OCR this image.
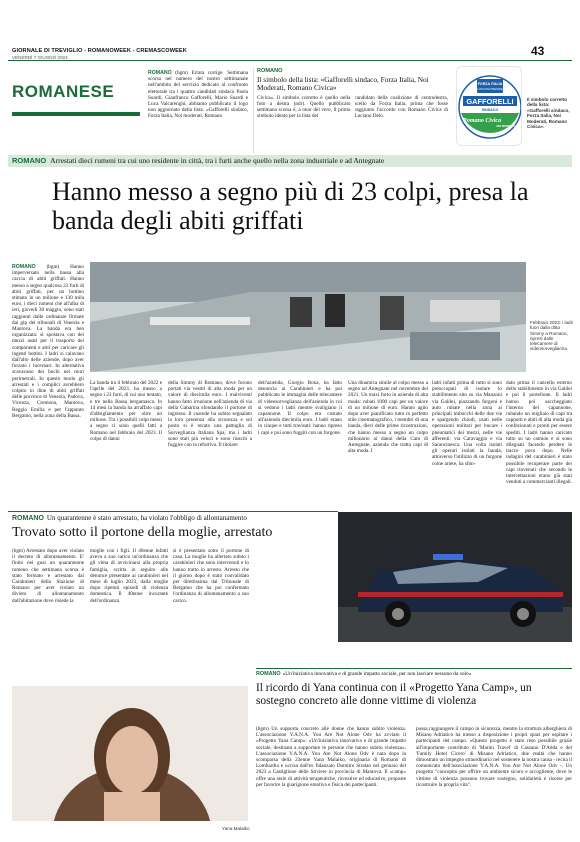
GIORNALE DI TREVIGLIO - ROMANOWEEK - CREMASCOWEEK
VENERDÌ 7 GIUGNO 2024	43
ROMANESE
ROMANO (bgm) Errata corrige. Settimana scorsa nel numero del nostro settimanale nell'ambito del servizio dedicato al confronto elettorale tra i quattro candidati sindaco Paola Suardi, Gianfranco Gafforelli, Mario Suardi e Luca Valcarenghi, abbiamo pubblicato il logo non aggiornato della lista: «Gafforelli sindaco, Forza Italia, Noi moderati, Romano
ROMANO
Il simbolo della lista: «Gafforelli sindaco, Forza Italia, Noi Moderati, Romano Civica»
Civica». Il simbolo corretto è quello nella foto a destra (ndr). Quello pubblicato settimana scorsa è, a onor del vero, il primo simbolo ideato per la lista del
candidato della coalizione di centrodestra, scelto da Forza Italia, prima che fosse raggiunto l'accordo con Romano Civica di Luciano Delo.
FORZA ITALIA
BERLUSCONI PRESIDENTE
GAFFORELLI
SINDACO
Romano Civica
NOI MODERATI
Il simbolo corretto della lista: «Gafforelli sindaco, Forza Italia, Noi Moderati, Romano Civica».
ROMANO Arrestati dieci rumeni tra cui uno residente in città, tra i furti anche quello nella zona industriale e ad Antegnate
Hanno messo a segno più di 23 colpi, presa la banda degli abiti griffati
ROMANO (bgm) Hanno imperversato nella bassa alla caccia di abiti griffati. Hanno messo a segno qualcosa 23 furti di abiti griffati, per un bottino stimato in un milione e 130 mila euro, i dieci rumeni che all'alba di ieri, giovedì 30 maggio, sono stati raggiunti dalle ordinanze firmate dai gip dei tribunali di Venezia e Mantova. La banda era ben organizzata: si spostava con dei mezzi usati per il trasporto dei componenti e altri per caricare gli ingenti bottini. I ladri si calavano dall'alto delle aziende, dopo aver forzato i lucernari. In alternativa scavavano dei buchi nei muri perimetrali. In questo modo gli arrestati e i complici avrebbero colpito in dine di abiti griffati delle province di Venezia, Padova, Vicenza, Cremona, Mantova, Reggio Emilia e per l'appunto Bergamo, nella zona della Bassa.
Febbraio 2023: i ladri fuori dalla ditta Simmy a Romano, ripresi dalle telecamere di videosorveglianza.
La banda tra il febbraio del 2022 e l'aprile del 2023, ha messo a segno i 23 furti, di cui uno tentato, e tre nella Bassa bergamasca. In 14 mesi la banda ha arraffato capi d'abbigliamento per oltre un milione. Tra i possibili colpi messi a segno ci sono quelli fatti a Romano nel febbraio del 2023. Il colpo di danni
della Simmy di Romano, dove furono portati via vestiti di alta moda per un valore di diecimila euro. I malviventi hanno fatto irruzione nell'azienda di via della Gabarina sfondando il portone di ingresso. Il custode ha subito segnalato la loro presenza alla sicurezza e sul posto si è recata una pattuglia di Sorveglianza Italiana Spa, ma i ladri sono stati più veloci e sono riusciti a fuggire con la refurtiva. Il titolare
dell'azienda, Giorgio Bona, ha fatto denuncia ai Carabinieri e ha poi pubblicato le immagini delle telecamere di videosorveglianza dell'azienda in cui si vedono i ladri mentre svaligiano il capannone. Il colpo era costato all'azienda diecimila euro. I ladri erano in cinque e tutti travisati: hanno ripreso i capi e poi sono fuggiti con un furgone.
Una dinamica simile al colpo messo a segno ad Antegnate nel novembre del 2021. Un maxi furto in azienda di alta moda: rubati 1000 capi per un valore di un milione di euro. Hanno agito dopo aver pianificato tutto in perfetto stile cinematografico, i membri di una banda, dieci delle prime ricostruzioni, che hanno messo a segno un colpo milionario ai danni della Cam di Antegnate, azienda che tratta capi di alta moda. I
ladri infatti prima di tutto si sono preoccupati di isolare lo stabilimento sito su via Manzoni via Galilei, piazzando furgoni e auto rubate nella zona ai principali imbocchi delle due vie e spargendo chiodi, usati nelle operazioni militari per bucare i pneumatici dei mezzi, nelle vie afferenti: via Caravaggio e via Sarancinesca. Una volta isolati gli operari isolati la banda, attraverso l'utilizzo di un furgone come ariete, ha sfon-
dato prima il cancello esterno dello stabilimento in via Galilei e poi il portellone. Il ladri hanno poi saccheggiato l'interno del capannone, rubando un migliaio di capi tra cappotti e abiti di alta moda già confezionati e pronti per essere spediti. I ladri hanno caricato tutto su un camion e si sono dileguati facendo perdere le tracce poco dopo. Nelle indagini del carabinieri è stato possibile recuperare parte dei capi rinvenuti che secondo le intercettazioni erano già stati venduti a commercianti illegali.
ROMANO Un quarantenne è stato arrestato, ha violato l'obbligo di allontanamento
Trovato sotto il portone della moglie, arrestato
(bgm) Arrestato dopo aver violato il decreto di allontanamento. E' finito nei guai un quarantenne romeno che settimana scorsa è stato fermato e arrestato dai Carabinieri della Stazione di Romano per aver violato un divieto di allontanamento dall'abitazione dove risiede la
moglie con i figli. Il 40enne infatti aveva a suo carico un'ordinanza che gli vieta di avvicinarsi alla propria famiglia, scritta in seguito alle denunce presentate ai carabinieri nel mese di luglio 2023, dalla moglie dopo ripetuti episodi di violenza domestica. Il 40enne incurante dell'ordinanza
si è presentato sotto il portone di casa. La moglie ha allertato subito i carabinieri che sono intervenuti e lo hanno tratto in arresto. Arresto che il giorno dopo è stato convalidato per direttissima dal Tribunale di Bergamo che ha poi confermato l'ordinanza di allontanamento a suo carico.
Yana Malaiko
ROMANO «Un'iniziativa innovativa e di grande impatto sociale, per non lasciare nessuno da solo»
Il ricordo di Yana continua con il «Progetto Yana Camp», un sostegno concreto alle donne vittime di violenza
(bgm) Un supporto concreto alle donne che hanno subito violenza. L'associazione Y.A.N.A. You Are Not Alone Odv ha avviato il «Progetto Yana Camp»: «Un'iniziativa innovativa e di grande impatto sociale, destinata a supportare le persone che hanno subito violenza». L'associazione Y.A.N.A. You Are Not Alone Odv è nata dopo la scomparsa della 23enne Yana Malaiko, originaria di Romano di Lombardia e uccisa dall'ex fidanzato Dumitru Stratan nel gennaio del 2023 a Castiglione delle Stiviere in provincia di Mantova. Il «camp» offre una serie di attività terapeutiche, ricreative ed educative, proposte per favorire la guarigione emotiva e fisica dei partecipanti.
possa raggiungere il campo in sicurezza, mentre la struttura alberghiera di Misano Adriatico ha messo a disposizione i propri spazi per ospitare i partecipanti del campo. «Questo progetto è stato reso possibile grazie all'importante contributo di 'Marini Travel' di Cassano D'Adda e del 'Family Hotel Cicero' di Misano Adriatico, due realtà che hanno dimostrato un impegno straordinario nel sostenere la nostra causa - recita il comunicato dell'associazione Y.A.N.A. You Are Not Alone Odv -. Un progetto "concepito per offrire un ambiente sicuro e accogliente, dove le vittime di violenza possono trovare sostegno, solidarietà e risorse per ricostruire la propria vita".
